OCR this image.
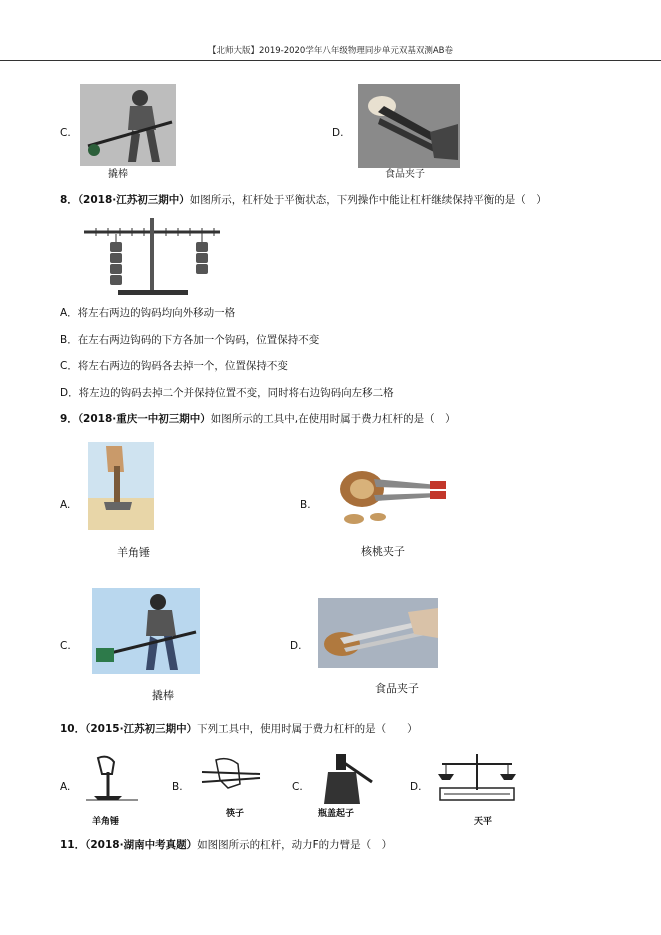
【北师大版】2019-2020学年八年级物理同步单元双基双测AB卷
C.
撬棒
D.
食品夹子
8．（2018·江苏初三期中）如图所示，杠杆处于平衡状态，下列操作中能让杠杆继续保持平衡的是（　）
A．将左右两边的钩码均向外移动一格
B．在左右两边钩码的下方各加一个钩码，位置保持不变
C．将左右两边的钩码各去掉一个，位置保持不变
D．将左边的钩码去掉二个并保持位置不变，同时将右边钩码向左移二格
9．（2018·重庆一中初三期中）如图所示的工具中,在使用时属于费力杠杆的是（　）
A.
羊角锤
B.
核桃夹子
C.
撬棒
D.
食品夹子
10．（2015·江苏初三期中）下列工具中，使用时属于费力杠杆的是（　　）
A.
羊角锤
B.
筷子
C.
瓶盖起子
D.
天平
11．（2018·湖南中考真题）如图图所示的杠杆，动力F的力臂是（　）
